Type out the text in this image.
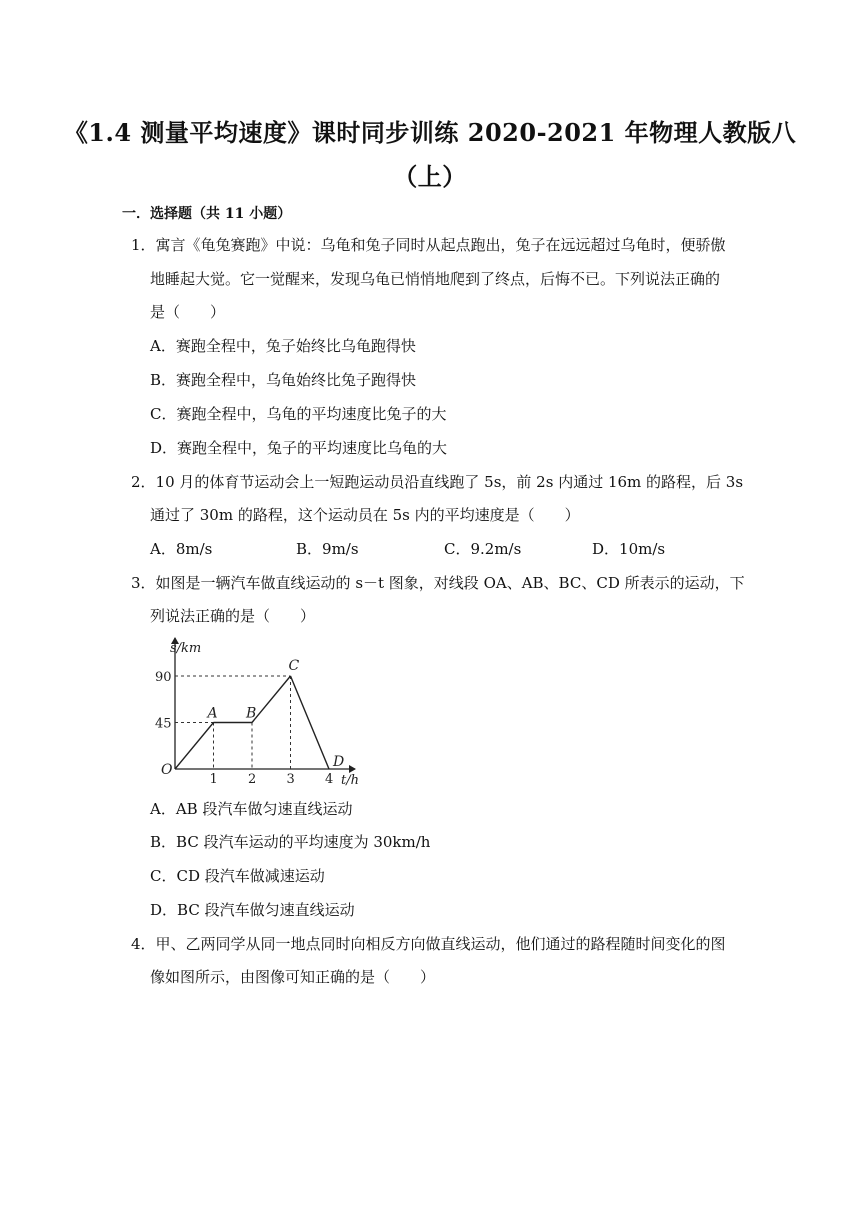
《1.4 测量平均速度》课时同步训练 2020-2021 年物理人教版八
（上）
一．选择题（共 11 小题）
1．寓言《龟兔赛跑》中说：乌龟和兔子同时从起点跑出，兔子在远远超过乌龟时，便骄傲
地睡起大觉。它一觉醒来，发现乌龟已悄悄地爬到了终点，后悔不已。下列说法正确的
是（　　）
A．赛跑全程中，兔子始终比乌龟跑得快
B．赛跑全程中，乌龟始终比兔子跑得快
C．赛跑全程中，乌龟的平均速度比兔子的大
D．赛跑全程中，兔子的平均速度比乌龟的大
2．10 月的体育节运动会上一短跑运动员沿直线跑了 5s，前 2s 内通过 16m 的路程，后 3s
通过了 30m 的路程，这个运动员在 5s 内的平均速度是（　　）
A．8m/s	B．9m/s	C．9.2m/s	D．10m/s
3．如图是一辆汽车做直线运动的 s－t 图象，对线段 OA、AB、BC、CD 所表示的运动，下
列说法正确的是（　　）
s/km
t/h
1 2 3 4
45
90
O
A B
C
D
A．AB 段汽车做匀速直线运动
B．BC 段汽车运动的平均速度为 30km/h
C．CD 段汽车做减速运动
D．BC 段汽车做匀速直线运动
4．甲、乙两同学从同一地点同时向相反方向做直线运动，他们通过的路程随时间变化的图
像如图所示，由图像可知正确的是（　　）
